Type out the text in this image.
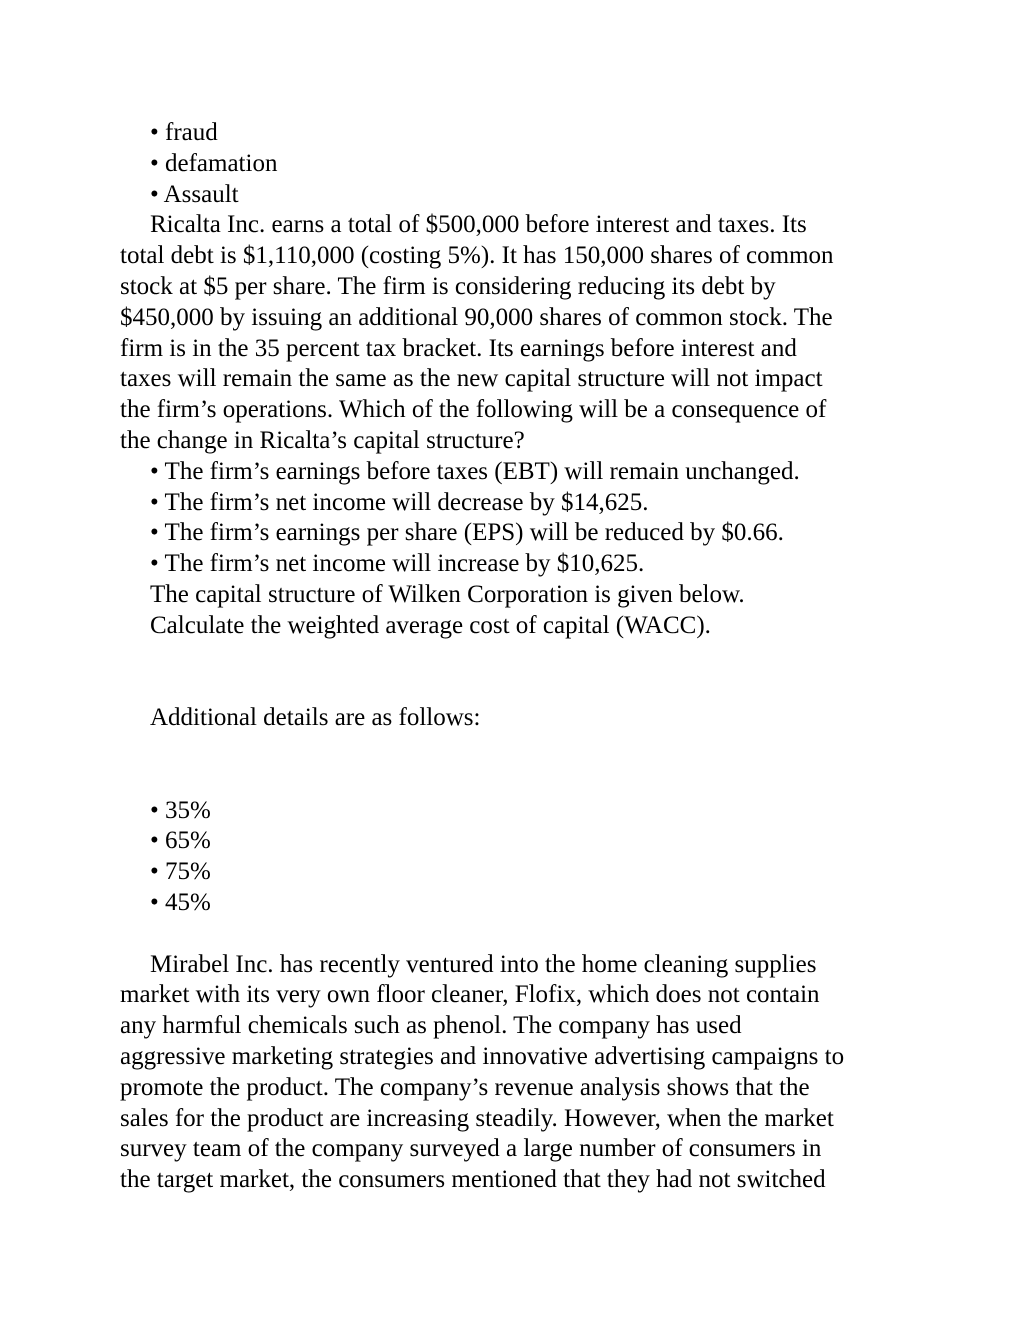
• fraud
• defamation
• Assault
Ricalta Inc. earns a total of $500,000 before interest and taxes. Its
total debt is $1,110,000 (costing 5%). It has 150,000 shares of common
stock at $5 per share. The firm is considering reducing its debt by
$450,000 by issuing an additional 90,000 shares of common stock. The
firm is in the 35 percent tax bracket. Its earnings before interest and
taxes will remain the same as the new capital structure will not impact
the firm’s operations. Which of the following will be a consequence of
the change in Ricalta’s capital structure?
• The firm’s earnings before taxes (EBT) will remain unchanged.
• The firm’s net income will decrease by $14,625.
• The firm’s earnings per share (EPS) will be reduced by $0.66.
• The firm’s net income will increase by $10,625.
The capital structure of Wilken Corporation is given below.
Calculate the weighted average cost of capital (WACC).
Additional details are as follows:
• 35%
• 65%
• 75%
• 45%
Mirabel Inc. has recently ventured into the home cleaning supplies
market with its very own floor cleaner, Flofix, which does not contain
any harmful chemicals such as phenol. The company has used
aggressive marketing strategies and innovative advertising campaigns to
promote the product. The company’s revenue analysis shows that the
sales for the product are increasing steadily. However, when the market
survey team of the company surveyed a large number of consumers in
the target market, the consumers mentioned that they had not switched
